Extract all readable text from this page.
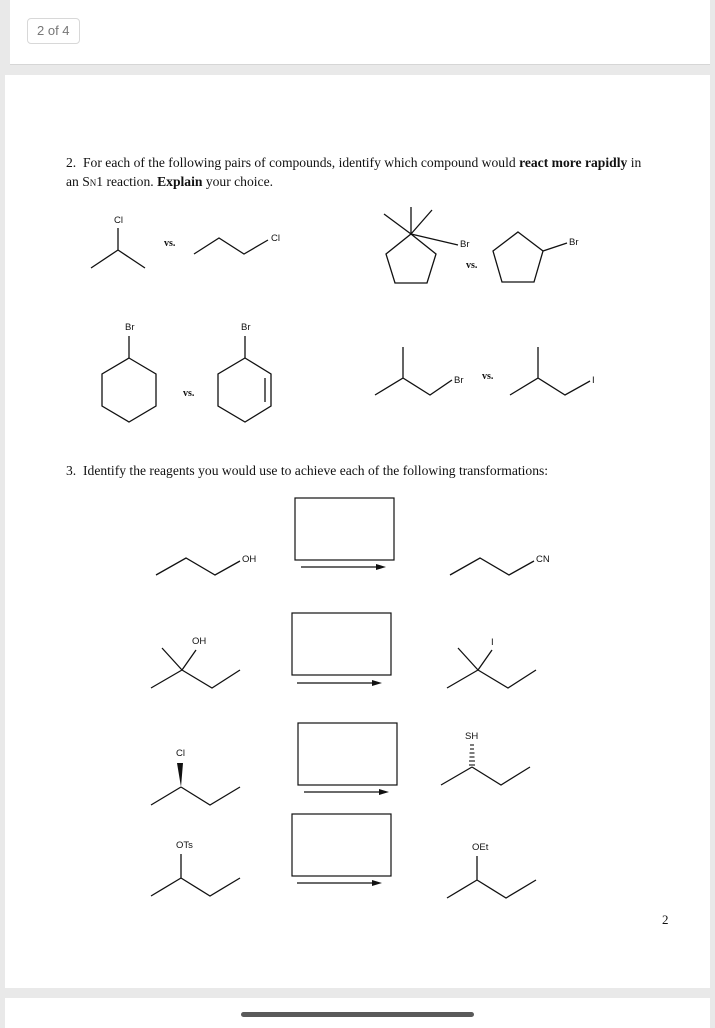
2 of 4
2. For each of the following pairs of compounds, identify which compound would react more rapidly in an SN1 reaction. Explain your choice.
3. Identify the reagents you would use to achieve each of the following transformations:
Cl
vs.	Cl
Br
vs.
Br
Br
vs.
Br
Br vs.	I
OH	CN
OH	I
Cl
SH
OTs	OEt
2
